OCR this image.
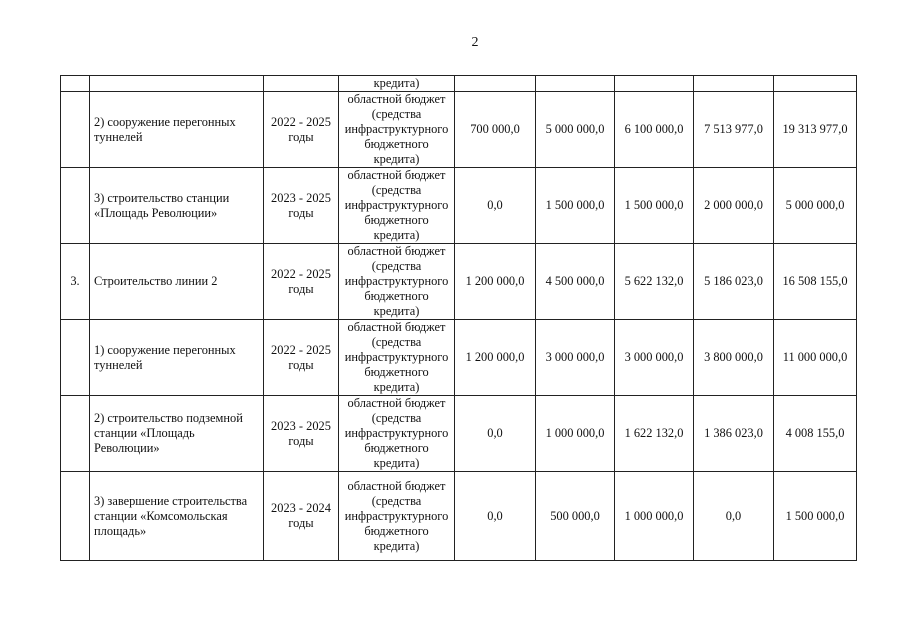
2
			кредита)					
	2) сооружение перегонных туннелей	2022 - 2025 годы	областной бюджет (средства инфраструктурного бюджетного кредита)	700 000,0	5 000 000,0	6 100 000,0	7 513 977,0	19 313 977,0
	3) строительство станции «Площадь Революции»	2023 - 2025 годы	областной бюджет (средства инфраструктурного бюджетного кредита)	0,0	1 500 000,0	1 500 000,0	2 000 000,0	5 000 000,0
3.	Строительство линии 2	2022 - 2025 годы	областной бюджет (средства инфраструктурного бюджетного кредита)	1 200 000,0	4 500 000,0	5 622 132,0	5 186 023,0	16 508 155,0
	1) сооружение перегонных туннелей	2022 - 2025 годы	областной бюджет (средства инфраструктурного бюджетного кредита)	1 200 000,0	3 000 000,0	3 000 000,0	3 800 000,0	11 000 000,0
	2) строительство подземной станции «Площадь Революции»	2023 - 2025 годы	областной бюджет (средства инфраструктурного бюджетного кредита)	0,0	1 000 000,0	1 622 132,0	1 386 023,0	4 008 155,0
	3) завершение строительства станции «Комсомольская площадь»	2023 - 2024 годы	областной бюджет (средства инфраструктурного бюджетного кредита)	0,0	500 000,0	1 000 000,0	0,0	1 500 000,0
